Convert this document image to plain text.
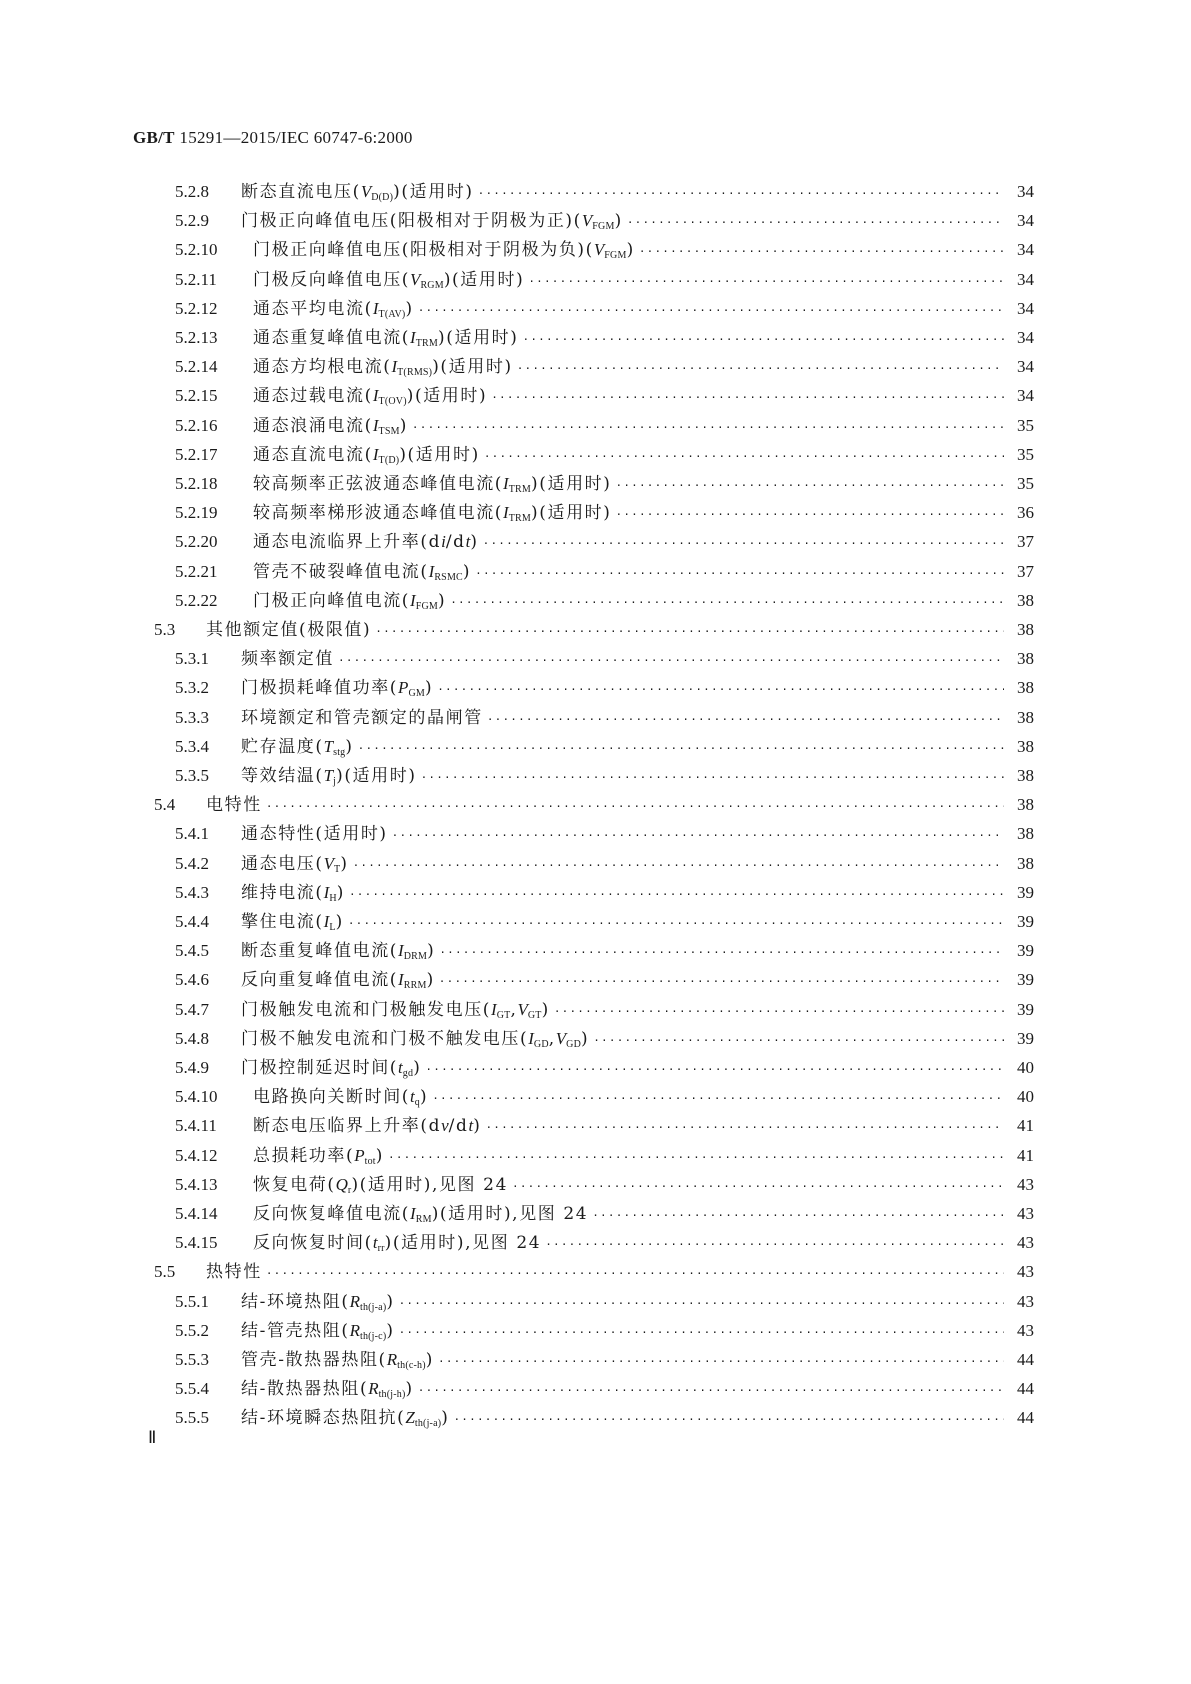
GB/T 15291—2015/IEC 60747-6:2000
5.2.8	断态直流电压$(V_{D(D)})$(适用时) ·····	34
5.2.9	门极正向峰值电压(阳极相对于阴极为正)$(V_{FGM})$ ·····	34
5.2.10	门极正向峰值电压(阳极相对于阴极为负)$(V_{FGM})$ ·····	34
5.2.11	门极反向峰值电压$(V_{RGM})$(适用时) ·····	34
5.2.12	通态平均电流$(I_{T(AV)})$ ·····	34
5.2.13	通态重复峰值电流$(I_{TRM})$(适用时) ·····	34
5.2.14	通态方均根电流$(I_{T(RMS)})$(适用时) ·····	34
5.2.15	通态过载电流$(I_{T(OV)})$(适用时) ·····	34
5.2.16	通态浪涌电流$(I_{TSM})$ ·····	35
5.2.17	通态直流电流$(I_{T(D)})$(适用时) ·····	35
5.2.18	较高频率正弦波通态峰值电流$(I_{TRM})$(适用时) ·····	35
5.2.19	较高频率梯形波通态峰值电流$(I_{TRM})$(适用时) ·····	36
5.2.20	通态电流临界上升率(di/dt) ·····	37
5.2.21	管壳不破裂峰值电流$(I_{RSMC})$ ·····	37
5.2.22	门极正向峰值电流$(I_{FGM})$ ·····	38
5.3	其他额定值(极限值) ·····	38
5.3.1	频率额定值 ·····	38
5.3.2	门极损耗峰值功率$(P_{GM})$ ·····	38
5.3.3	环境额定和管壳额定的晶闸管 ·····	38
5.3.4	贮存温度$(T_{stg})$ ·····	38
5.3.5	等效结温$(T_j)$(适用时) ·····	38
5.4	电特性 ·····	38
5.4.1	通态特性(适用时) ·····	38
5.4.2	通态电压$(V_T)$ ·····	38
5.4.3	维持电流$(I_H)$ ·····	39
5.4.4	擎住电流$(I_L)$ ·····	39
5.4.5	断态重复峰值电流$(I_{DRM})$ ·····	39
5.4.6	反向重复峰值电流$(I_{RRM})$ ·····	39
5.4.7	门极触发电流和门极触发电压$(I_{GT},V_{GT})$ ·····	39
5.4.8	门极不触发电流和门极不触发电压$(I_{GD},V_{GD})$ ·····	39
5.4.9	门极控制延迟时间$(t_{gd})$ ·····	40
5.4.10	电路换向关断时间$(t_q)$ ·····	40
5.4.11	断态电压临界上升率(dv/dt) ·····	41
5.4.12	总损耗功率$(P_{tot})$ ·····	41
5.4.13	恢复电荷$(Q_r)$(适用时),见图 24 ·····	43
5.4.14	反向恢复峰值电流$(I_{RM})$(适用时),见图 24 ·····	43
5.4.15	反向恢复时间$(t_{rr})$(适用时),见图 24 ·····	43
5.5	热特性 ·····	43
5.5.1	结-环境热阻$(R_{th(j-a)})$ ·····	43
5.5.2	结-管壳热阻$(R_{th(j-c)})$ ·····	43
5.5.3	管壳-散热器热阻$(R_{th(c-h)})$ ·····	44
5.5.4	结-散热器热阻$(R_{th(j-h)})$ ·····	44
5.5.5	结-环境瞬态热阻抗$(Z_{th(j-a)})$ ·····	44
Ⅱ
